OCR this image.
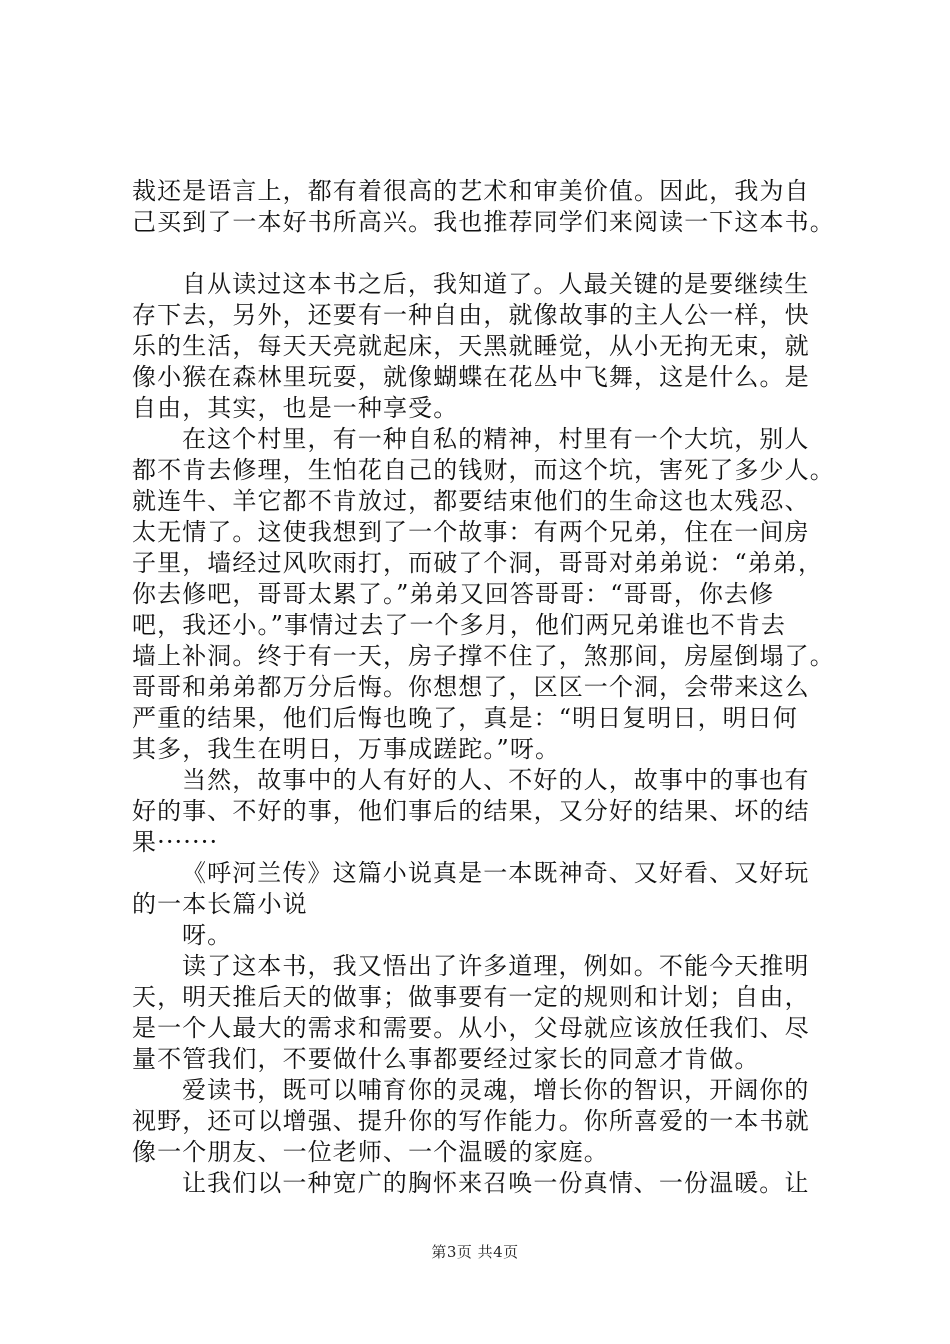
裁还是语言上，都有着很高的艺术和审美价值。因此，我为自

己买到了一本好书所高兴。我也推荐同学们来阅读一下这本书。

自从读过这本书之后，我知道了。人最关键的是要继续生

存下去，另外，还要有一种自由，就像故事的主人公一样，快

乐的生活，每天天亮就起床，天黑就睡觉，从小无拘无束，就

像小猴在森林里玩耍，就像蝴蝶在花丛中飞舞，这是什么。是

自由，其实，也是一种享受。

在这个村里，有一种自私的精神，村里有一个大坑，别人

都不肯去修理，生怕花自己的钱财，而这个坑，害死了多少人。

就连牛、羊它都不肯放过，都要结束他们的生命这也太残忍、

太无情了。这使我想到了一个故事：有两个兄弟，住在一间房

子里，墙经过风吹雨打，而破了个洞，哥哥对弟弟说：“弟弟，

你去修吧，哥哥太累了。”弟弟又回答哥哥：“哥哥，你去修

吧，我还小。”事情过去了一个多月，他们两兄弟谁也不肯去

墙上补洞。终于有一天，房子撑不住了，煞那间，房屋倒塌了。

哥哥和弟弟都万分后悔。你想想了，区区一个洞，会带来这么

严重的结果，他们后悔也晚了，真是：“明日复明日，明日何

其多，我生在明日，万事成蹉跎。”呀。

当然，故事中的人有好的人、不好的人，故事中的事也有

好的事、不好的事，他们事后的结果，又分好的结果、坏的结

果·······

《呼河兰传》这篇小说真是一本既神奇、又好看、又好玩

的一本长篇小说

呀。

读了这本书，我又悟出了许多道理，例如。不能今天推明

天，明天推后天的做事；做事要有一定的规则和计划；自由，

是一个人最大的需求和需要。从小，父母就应该放任我们、尽

量不管我们，不要做什么事都要经过家长的同意才肯做。

爱读书，既可以哺育你的灵魂，增长你的智识，开阔你的

视野，还可以增强、提升你的写作能力。你所喜爱的一本书就

像一个朋友、一位老师、一个温暖的家庭。

让我们以一种宽广的胸怀来召唤一份真情、一份温暖。让

第3页 共4页
